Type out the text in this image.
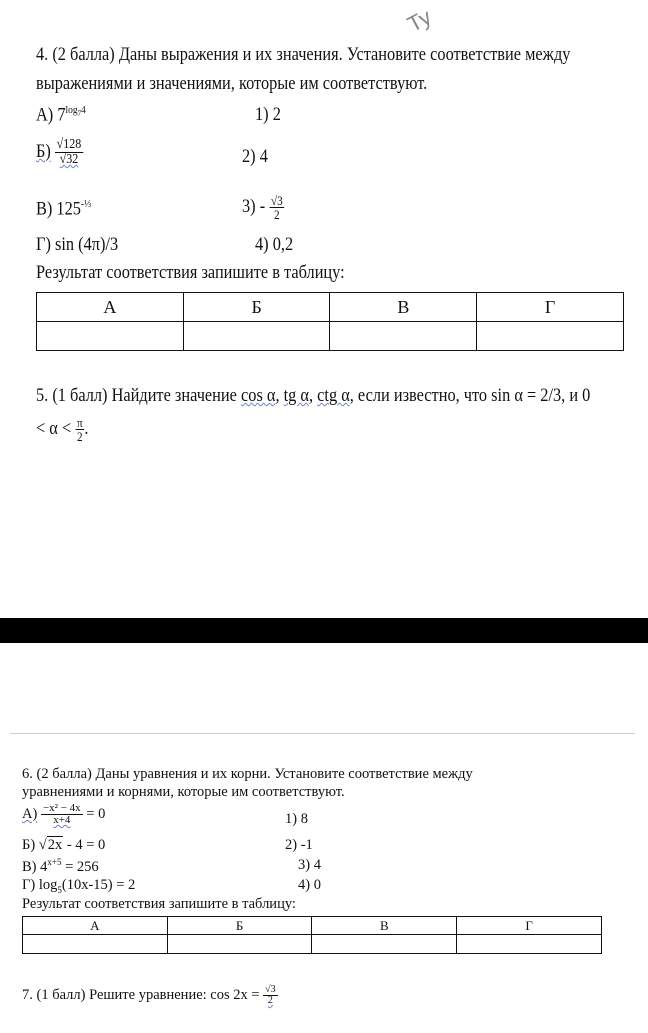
Ту
4. (2 балла) Даны выражения и их значения. Установите соответствие между
выражениями и значениями, которые им соответствуют.
А) $7^{log_74}$	1) 2
$Б) \frac{√128}{√32}$	2) 4
В) $125^{-\frac{1}{3}}$	$3) - \frac{√3}{2}$
Г) sin (4π)/3	4) 0,2
Результат соответствия запишите в таблицу:
А	Б	В	Г

5. (1 балл) Найдите значение cos α, tg α, ctg α, если известно, что sin α = 2/3, и 0
< $\alpha < \frac{\pi}{2}$ .
6. (2 балла) Даны уравнения и их корни. Установите соответствие между
уравнениями и корнями, которые им соответствуют.
$А) \frac{\text{−x² − 4x}}{x+4} = 0$	1) 8
Б) √2x - 4 = 0	2) -1
В) $4^{x+5} = 256$	3) 4
Г) $\log_5(10x-15) = 2$	4) 0
Результат соответствия запишите в таблицу:
А	Б	В	Г

7. (1 балл) Решите уравнение: $\cos 2x = \frac{√3}{2}$
